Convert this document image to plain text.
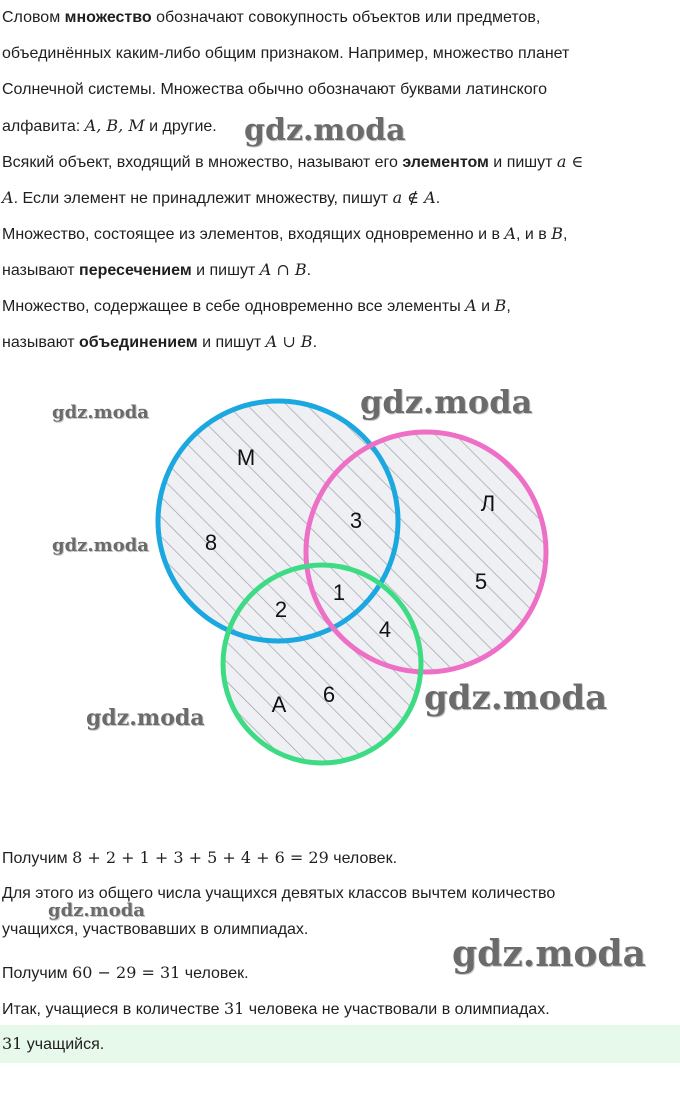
Словом множество обозначают совокупность объектов или предметов,
объединённых каким-либо общим признаком. Например, множество планет
Солнечной системы. Множества обычно обозначают буквами латинского
алфавита: A, B, M и другие.
Всякий объект, входящий в множество, называют его элементом и пишут a ∈
A. Если элемент не принадлежит множеству, пишут a ∉ A.
Множество, состоящее из элементов, входящих одновременно и в A, и в B,
называют пересечением и пишут A ∩ B.
Множество, содержащее в себе одновременно все элементы A и B,
называют объединением и пишут A ∪ B.
М
Л
А
8
3
2
1
4
5
6
Получим 8 + 2 + 1 + 3 + 5 + 4 + 6 = 29 человек.
Для этого из общего числа учащихся девятых классов вычтем количество
учащихся, участвовавших в олимпиадах.
Получим 60 − 29 = 31 человек.
Итак, учащиеся в количестве 31 человека не участвовали в олимпиадах.
31 учащийся.
gdz.moda
gdz.moda
gdz.moda
gdz.moda
gdz.moda	gdz.moda
gdz.moda
gdz.moda
